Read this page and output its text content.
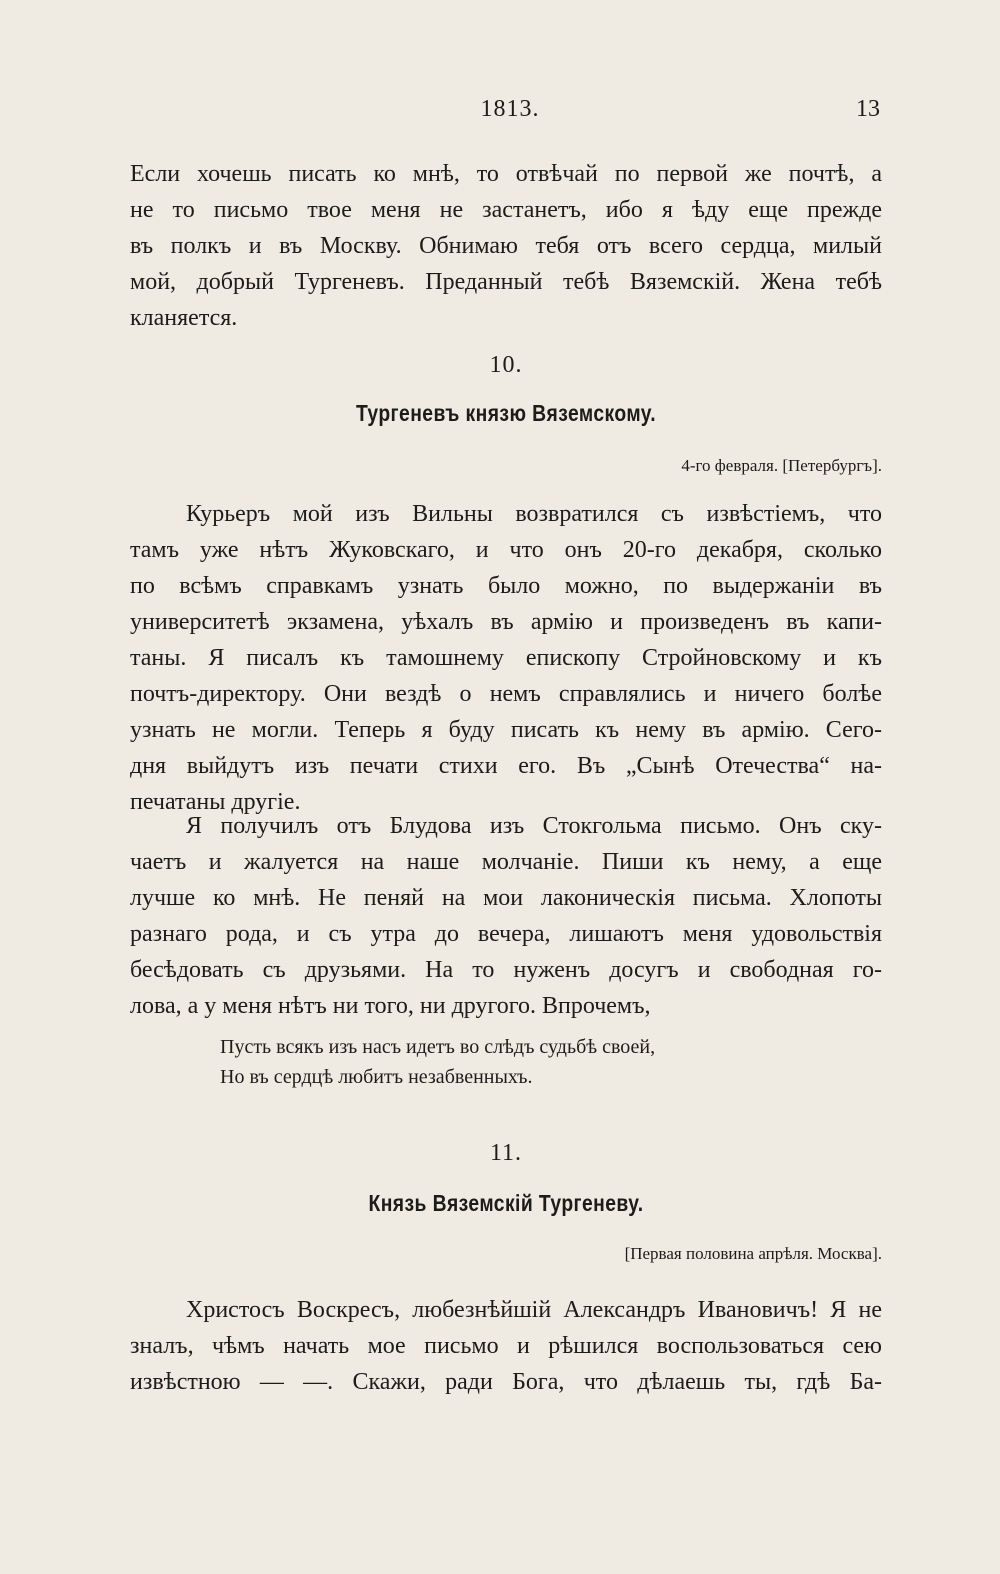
1813.	13
Если хочешь писать ко мнѣ, то отвѣчай по первой же почтѣ, а
не то письмо твое меня не застанетъ, ибо я ѣду еще прежде
въ полкъ и въ Москву. Обнимаю тебя отъ всего сердца, милый
мой, добрый Тургеневъ. Преданный тебѣ Вяземскій. Жена тебѣ
кланяется.
10.
Тургеневъ князю Вяземскому.
4-го февраля. [Петербургъ].
Курьеръ мой изъ Вильны возвратился съ извѣстіемъ, что
тамъ уже нѣтъ Жуковскаго, и что онъ 20-го декабря, сколько
по всѣмъ справкамъ узнать было можно, по выдержаніи въ
университетѣ экзамена, уѣхалъ въ армію и произведенъ въ капи-
таны. Я писалъ къ тамошнему епископу Стройновскому и къ
почтъ-директору. Они вездѣ о немъ справлялись и ничего болѣе
узнать не могли. Теперь я буду писать къ нему въ армію. Сего-
дня выйдутъ изъ печати стихи его. Въ „Сынѣ Отечества“ на-
печатаны другіе.
Я получилъ отъ Блудова изъ Стокгольма письмо. Онъ ску-
чаетъ и жалуется на наше молчаніе. Пиши къ нему, а еще
лучше ко мнѣ. Не пеняй на мои лаконическія письма. Хлопоты
разнаго рода, и съ утра до вечера, лишаютъ меня удовольствія
бесѣдовать съ друзьями. На то нуженъ досугъ и свободная го-
лова, а у меня нѣтъ ни того, ни другого. Впрочемъ,
Пусть всякъ изъ насъ идетъ во слѣдъ судьбѣ своей,
Но въ сердцѣ любитъ незабвенныхъ.
11.
Князь Вяземскій Тургеневу.
[Первая половина апрѣля. Москва].
Христосъ Воскресъ, любезнѣйшій Александръ Ивановичъ! Я не
зналъ, чѣмъ начать мое письмо и рѣшился воспользоваться сею
извѣстною — —. Скажи, ради Бога, что дѣлаешь ты, гдѣ Ба-
